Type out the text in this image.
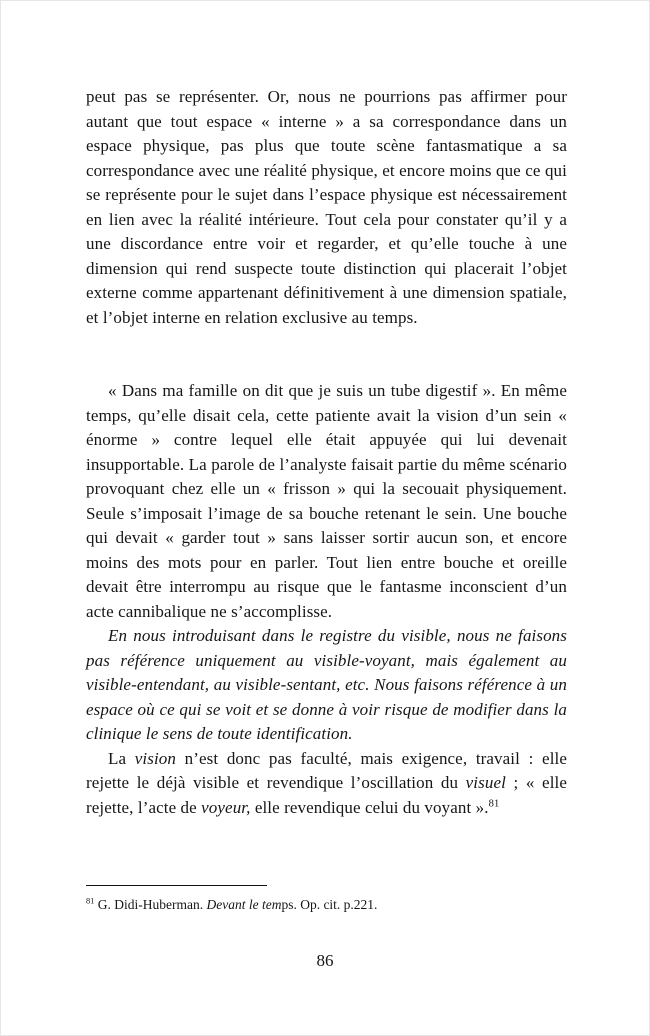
peut pas se représenter. Or, nous ne pourrions pas affirmer pour autant que tout espace « interne » a sa correspondance dans un espace physique, pas plus que toute scène fantasmatique a sa correspondance avec une réalité physique, et encore moins que ce qui se représente pour le sujet dans l’espace physique est nécessairement en lien avec la réalité intérieure. Tout cela pour constater qu’il y a une discordance entre voir et regarder, et qu’elle touche à une dimension qui rend suspecte toute distinction qui placerait l’objet externe comme appartenant définitivement à une dimension spatiale, et l’objet interne en relation exclusive au temps.

« Dans ma famille on dit que je suis un tube digestif ». En même temps, qu’elle disait cela, cette patiente avait la vision d’un sein « énorme » contre lequel elle était appuyée qui lui devenait insupportable. La parole de l’analyste faisait partie du même scénario provoquant chez elle un « frisson » qui la secouait physiquement. Seule s’imposait l’image de sa bouche retenant le sein. Une bouche qui devait « garder tout » sans laisser sortir aucun son, et encore moins des mots pour en parler. Tout lien entre bouche et oreille devait être interrompu au risque que le fantasme inconscient d’un acte cannibalique ne s’accomplisse.

En nous introduisant dans le registre du visible, nous ne faisons pas référence uniquement au visible-voyant, mais également au visible-entendant, au visible-sentant, etc. Nous faisons référence à un espace où ce qui se voit et se donne à voir risque de modifier dans la clinique le sens de toute identification.

La vision n’est donc pas faculté, mais exigence, travail : elle rejette le déjà visible et revendique l’oscillation du visuel ; « elle rejette, l’acte de voyeur, elle revendique celui du voyant ».$^{81}$

$^{81}$ G. Didi-Huberman. Devant le temps. Op. cit. p.221.

86
